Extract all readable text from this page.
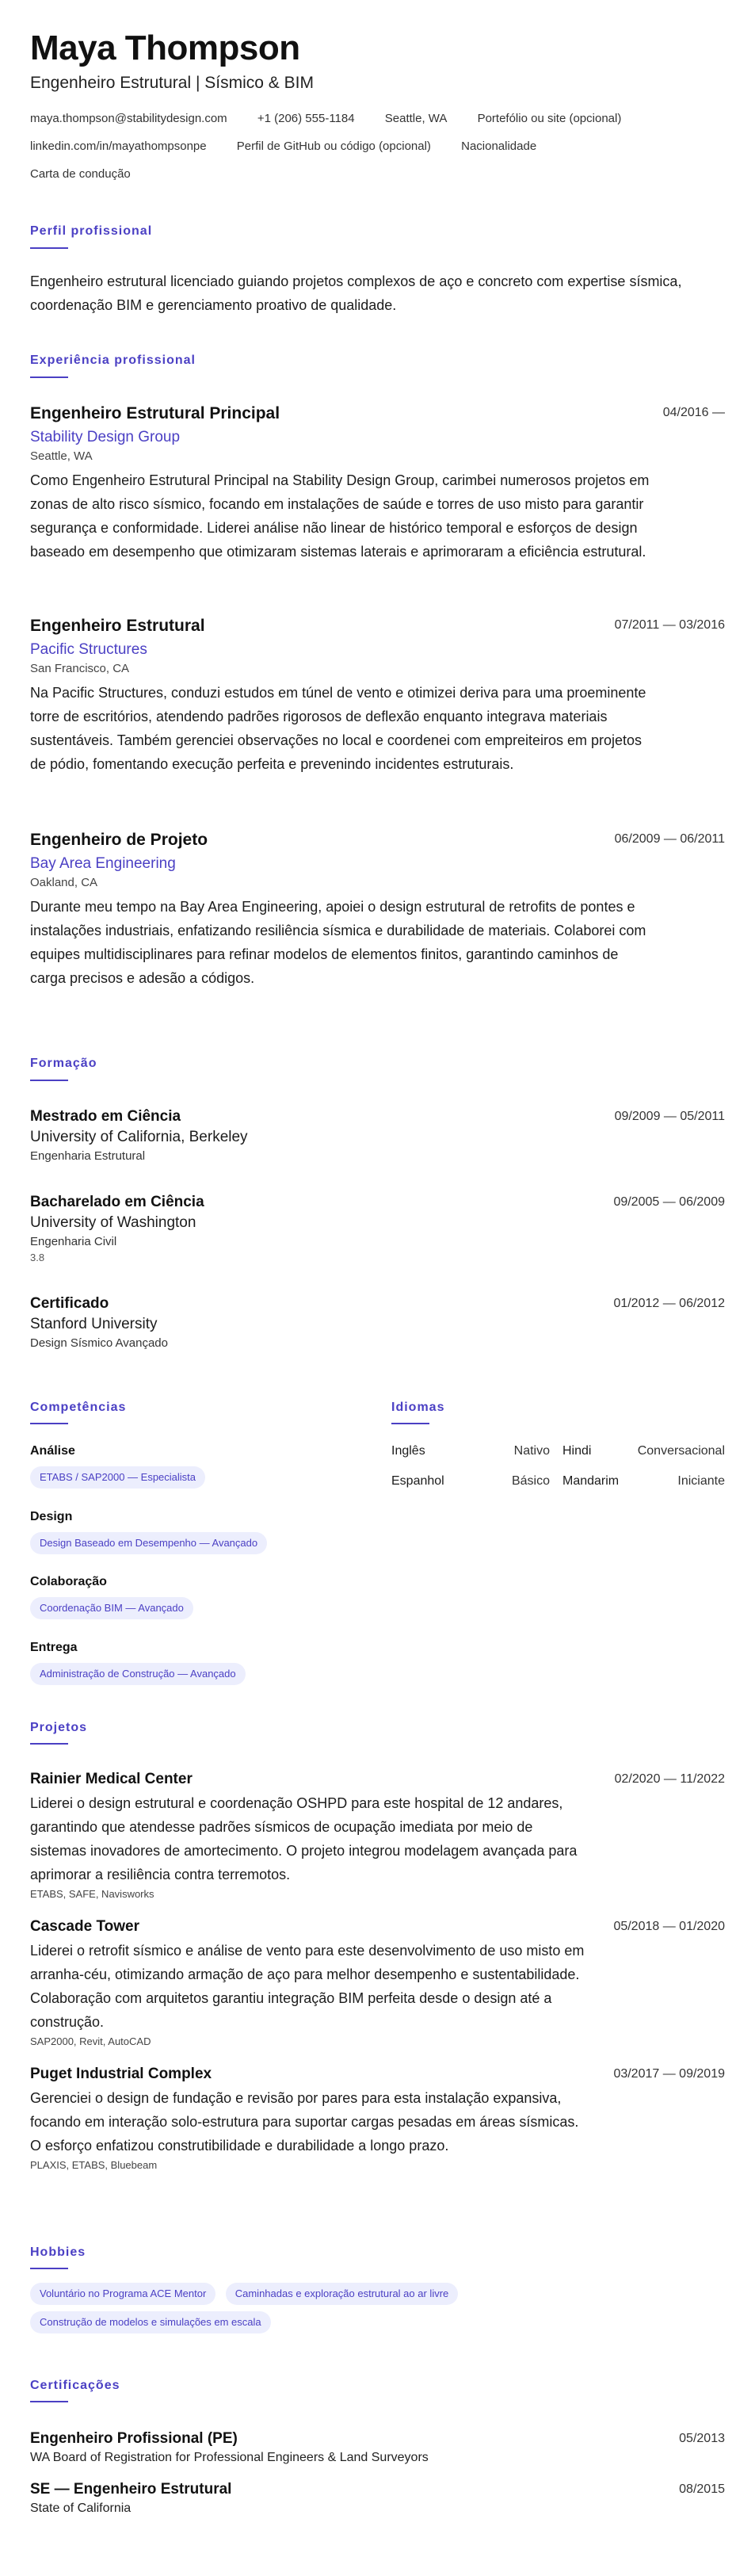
Maya Thompson
Engenheiro Estrutural | Sísmico & BIM
maya.thompson@stabilitydesign.com	+1 (206) 555-1184	Seattle, WA	Portefólio ou site (opcional)
linkedin.com/in/mayathompsonpe	Perfil de GitHub ou código (opcional)	Nacionalidade
Carta de condução
Perfil profissional
Engenheiro estrutural licenciado guiando projetos complexos de aço e concreto com expertise sísmica, coordenação BIM e gerenciamento proativo de qualidade.
Experiência profissional
04/2016 —
Engenheiro Estrutural Principal
Stability Design Group
Seattle, WA
Como Engenheiro Estrutural Principal na Stability Design Group, carimbei numerosos projetos em zonas de alto risco sísmico, focando em instalações de saúde e torres de uso misto para garantir segurança e conformidade. Liderei análise não linear de histórico temporal e esforços de design baseado em desempenho que otimizaram sistemas laterais e aprimoraram a eficiência estrutural.
07/2011 — 03/2016
Engenheiro Estrutural
Pacific Structures
San Francisco, CA
Na Pacific Structures, conduzi estudos em túnel de vento e otimizei deriva para uma proeminente torre de escritórios, atendendo padrões rigorosos de deflexão enquanto integrava materiais sustentáveis. Também gerenciei observações no local e coordenei com empreiteiros em projetos de pódio, fomentando execução perfeita e prevenindo incidentes estruturais.
06/2009 — 06/2011
Engenheiro de Projeto
Bay Area Engineering
Oakland, CA
Durante meu tempo na Bay Area Engineering, apoiei o design estrutural de retrofits de pontes e instalações industriais, enfatizando resiliência sísmica e durabilidade de materiais. Colaborei com equipes multidisciplinares para refinar modelos de elementos finitos, garantindo caminhos de carga precisos e adesão a códigos.
Formação
09/2009 — 05/2011
Mestrado em Ciência
University of California, Berkeley
Engenharia Estrutural
09/2005 — 06/2009
Bacharelado em Ciência
University of Washington
Engenharia Civil
3.8
01/2012 — 06/2012
Certificado
Stanford University
Design Sísmico Avançado
Competências
Análise
ETABS / SAP2000 — Especialista
Design
Design Baseado em Desempenho — Avançado
Colaboração
Coordenação BIM — Avançado
Entrega
Administração de Construção — Avançado
Idiomas
Inglês	Nativo Hindi	Conversacional
Espanhol	Básico Mandarim	Iniciante
Projetos
02/2020 — 11/2022
Rainier Medical Center
Liderei o design estrutural e coordenação OSHPD para este hospital de 12 andares, garantindo que atendesse padrões sísmicos de ocupação imediata por meio de sistemas inovadores de amortecimento. O projeto integrou modelagem avançada para aprimorar a resiliência contra terremotos.
ETABS, SAFE, Navisworks
05/2018 — 01/2020
Cascade Tower
Liderei o retrofit sísmico e análise de vento para este desenvolvimento de uso misto em arranha-céu, otimizando armação de aço para melhor desempenho e sustentabilidade. Colaboração com arquitetos garantiu integração BIM perfeita desde o design até a construção.
SAP2000, Revit, AutoCAD
03/2017 — 09/2019
Puget Industrial Complex
Gerenciei o design de fundação e revisão por pares para esta instalação expansiva, focando em interação solo-estrutura para suportar cargas pesadas em áreas sísmicas. O esforço enfatizou construtibilidade e durabilidade a longo prazo.
PLAXIS, ETABS, Bluebeam
Hobbies
Voluntário no Programa ACE Mentor	Caminhadas e exploração estrutural ao ar livre
Construção de modelos e simulações em escala
Certificações
05/2013
Engenheiro Profissional (PE)
WA Board of Registration for Professional Engineers & Land Surveyors
08/2015
SE — Engenheiro Estrutural
State of California
